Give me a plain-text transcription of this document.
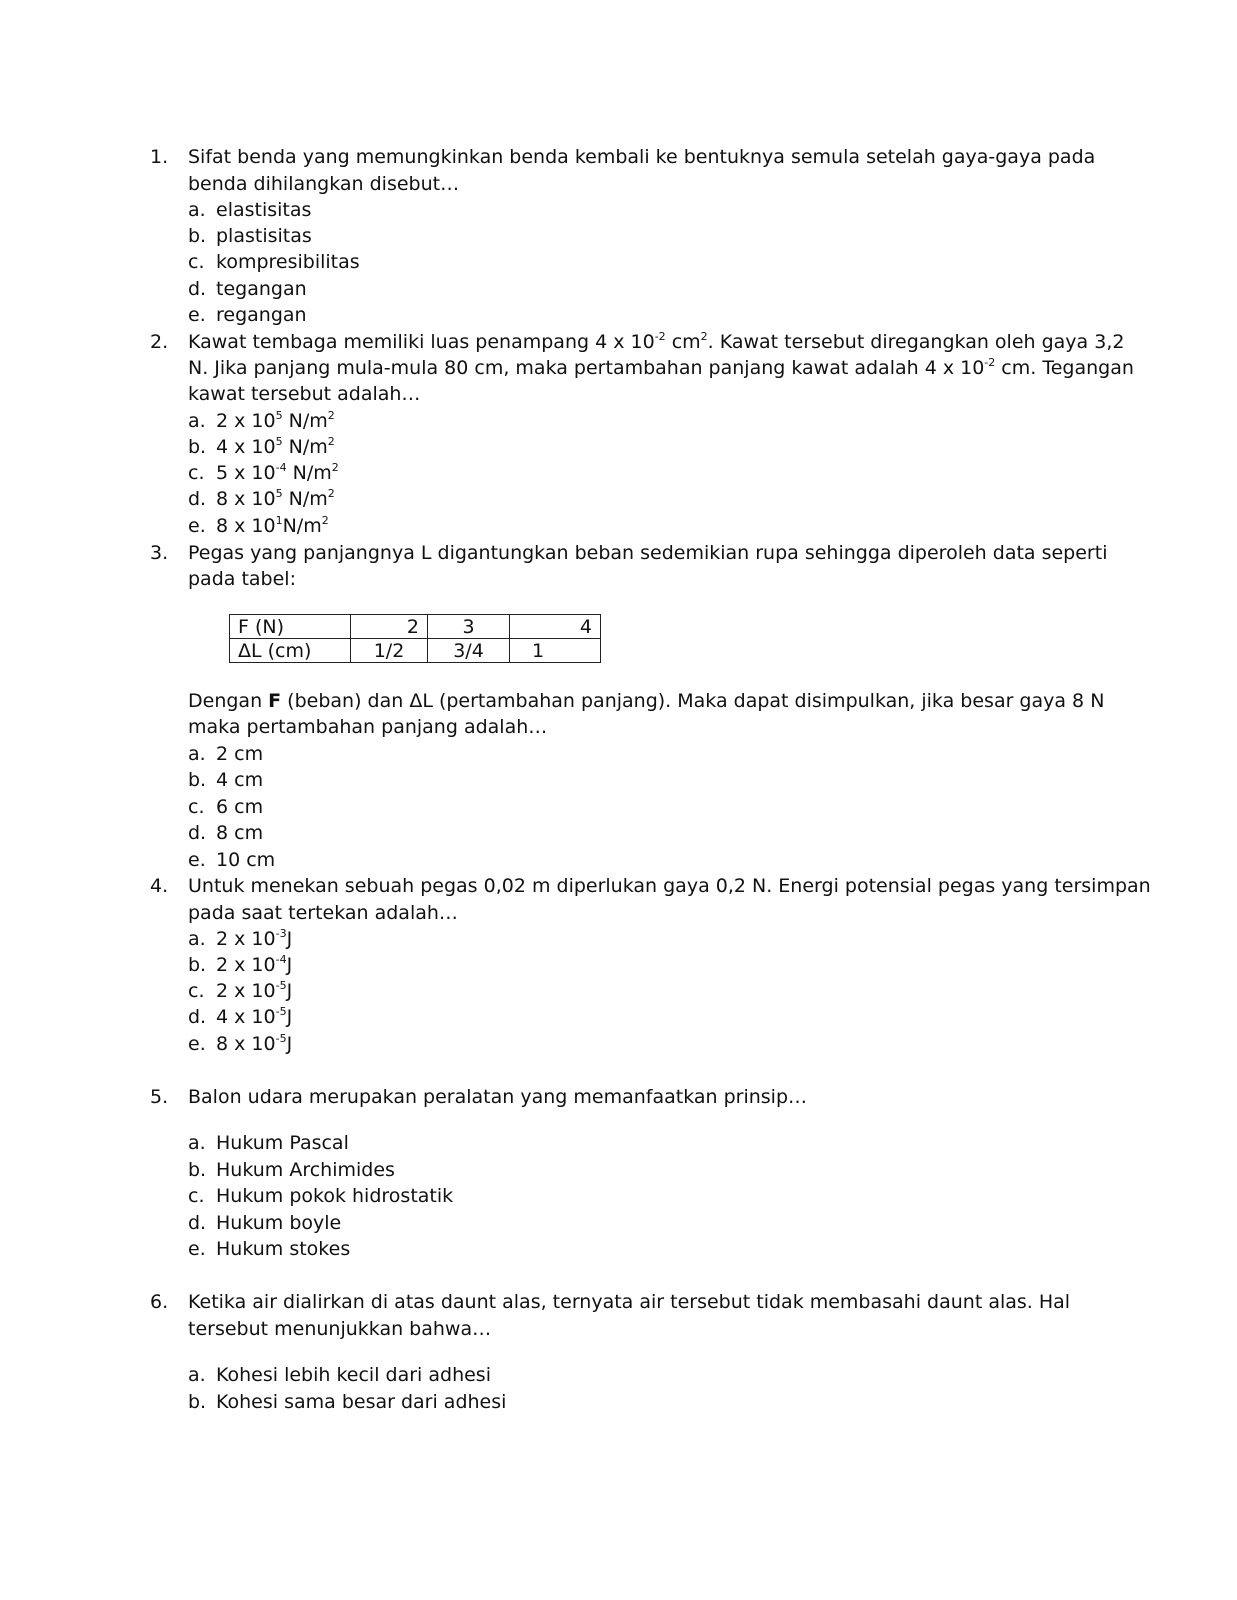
1. Sifat benda yang memungkinkan benda kembali ke bentuknya semula setelah gaya-gaya pada
benda dihilangkan disebut…
a. elastisitas
b. plastisitas
c. kompresibilitas
d. tegangan
e. regangan
2. Kawat tembaga memiliki luas penampang 4 x $10^{-2}$ $cm^2$. Kawat tersebut diregangkan oleh gaya 3,2
N. Jika panjang mula-mula 80 cm, maka pertambahan panjang kawat adalah 4 x $10^{-2}$ cm. Tegangan
kawat tersebut adalah…
a. 2 x $10^5$ $N/m^2$
b. 4 x $10^5$ $N/m^2$
c. 5 x $10^{-4}$ $N/m^2$
d. 8 x $10^5$ $N/m^2$
e. 8 x $10^1N/m^2$
3. Pegas yang panjangnya L digantungkan beban sedemikian rupa sehingga diperoleh data seperti
pada tabel:
F (N)	2	3	4
ΔL (cm)	1/2	3/4	1
Dengan F (beban) dan ΔL (pertambahan panjang). Maka dapat disimpulkan, jika besar gaya 8 N
maka pertambahan panjang adalah…
a. 2 cm
b. 4 cm
c. 6 cm
d. 8 cm
e. 10 cm
4. Untuk menekan sebuah pegas 0,02 m diperlukan gaya 0,2 N. Energi potensial pegas yang tersimpan
pada saat tertekan adalah…
a. 2 x $10^{-3}J$
b. 2 x $10^{-4}J$
c. 2 x $10^{-5}J$
d. 4 x $10^{-5}J$
e. 8 x $10^{-5}J$
5. Balon udara merupakan peralatan yang memanfaatkan prinsip…
a. Hukum Pascal
b. Hukum Archimides
c. Hukum pokok hidrostatik
d. Hukum boyle
e. Hukum stokes
6. Ketika air dialirkan di atas daunt alas, ternyata air tersebut tidak membasahi daunt alas. Hal
tersebut menunjukkan bahwa…
a. Kohesi lebih kecil dari adhesi
b. Kohesi sama besar dari adhesi
